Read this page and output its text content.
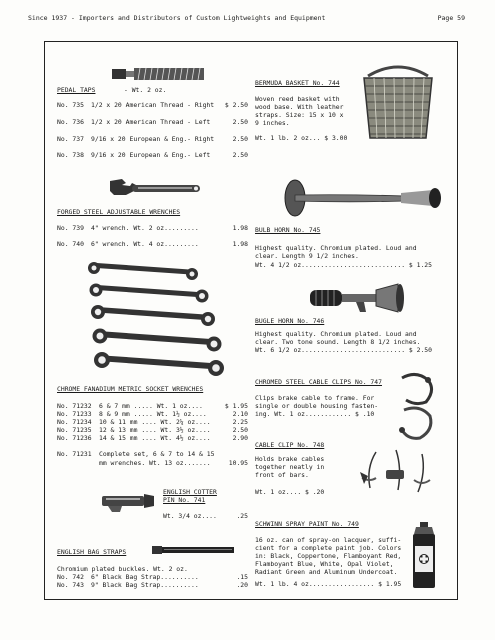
Since 1937 - Importers and Distributors of Custom Lightweights and Equipment	Page 59
PEDAL TAPS	- Wt. 2 oz.
No. 735 1/2 x 20 American Thread - Right	$ 2.50
No. 736 1/2 x 20 American Thread - Left	2.50
No. 737 9/16 x 20 European & Eng.- Right	2.50
No. 738 9/16 x 20 European & Eng.- Left	2.50
FORGED STEEL ADJUSTABLE WRENCHES
No. 739 4" wrench. Wt. 2 oz.........	1.98
No. 740 6" wrench. Wt. 4 oz.........	1.98
CHROME FANADIUM METRIC SOCKET WRENCHES
No. 71232 6 & 7 mm ..... Wt. 1 oz....	$ 1.95
No. 71233 8 & 9 mm ..... Wt. 1½ oz....	2.10
No. 71234 10 & 11 mm .... Wt. 2¼ oz....	2.25
No. 71235 12 & 13 mm .... Wt. 3½ oz....	2.50
No. 71236 14 & 15 mm .... Wt. 4½ oz....	2.90
No. 71231 Complete set, 6 & 7 to 14 & 15
mm wrenches. Wt. 13 oz.......	10.95
ENGLISH COTTER
PIN No. 741
Wt. 3/4 oz....	.25
ENGLISH BAG STRAPS
Chromium plated buckles. Wt. 2 oz.
No. 742 6" Black Bag Strap..........	.15
No. 743 9" Black Bag Strap..........	.20
BERMUDA BASKET No. 744
Woven reed basket with
wood base. With leather
straps. Size: 15 x 10 x
9 inches.
Wt. 1 lb. 2 oz... $ 3.00
BULB HORN No. 745
Highest quality. Chromium plated. Loud and
clear. Length 9 1/2 inches.
Wt. 4 1/2 oz........................... $ 1.25
BUGLE HORN No. 746
Highest quality. Chromium plated. Loud and
clear. Two tone sound. Length 8 1/2 inches.
Wt. 6 1/2 oz........................... $ 2.50
CHROMED STEEL CABLE CLIPS No. 747
Clips brake cable to frame. For
single or double housing fasten-
ing. Wt. 1 oz............ $ .10
CABLE CLIP No. 748
Holds brake cables
together neatly in
front of bars.
Wt. 1 oz.... $ .20
SCHWINN SPRAY PAINT No. 749
16 oz. can of spray-on lacquer, suffi-
cient for a complete paint job. Colors
in: Black, Coppertone, Flamboyant Red,
Flamboyant Blue, White, Opal Violet,
Radiant Green and Aluminum Undercoat.
Wt. 1 lb. 4 oz................. $ 1.95
